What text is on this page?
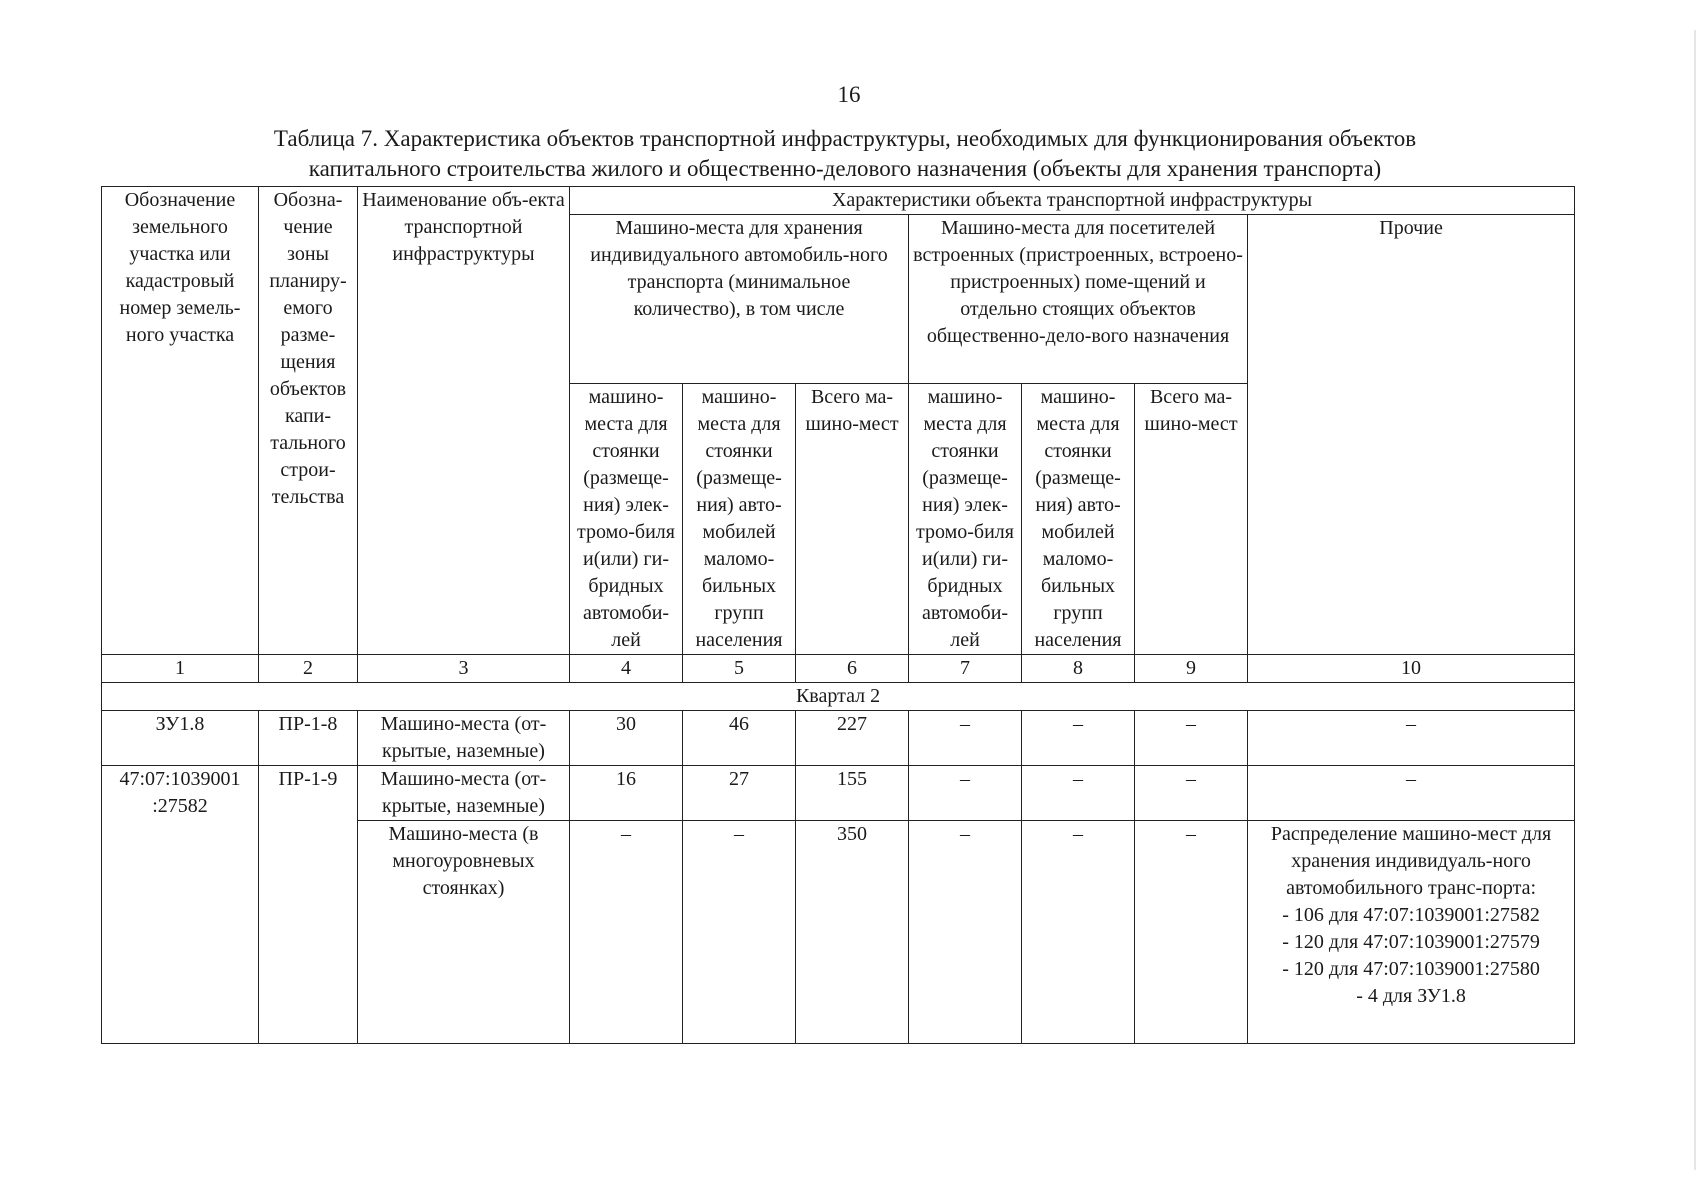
16
Таблица 7. Характеристика объектов транспортной инфраструктуры, необходимых для функционирования объектов
капитального строительства жилого и общественно-делового назначения (объекты для хранения транспорта)
Обозначение земельного участка или кадастровый номер земель-ного участка	Обозна-чение зоны планиру-емого разме-щения объектов капи-тального строи-тельства	Наименование объ-екта транспортной инфраструктуры	Характеристики объекта транспортной инфраструктуры						
			Машино-места для хранения индивидуального автомобиль-ного транспорта (минимальное количество), в том числе			Машино-места для посетителей встроенных (пристроенных, встроено-пристроенных) поме-щений и отдельно стоящих объектов общественно-дело-вого назначения			Прочие
			машино-места для стоянки (размеще-ния) элек-тромо-биля и(или) ги-бридных автомоби-лей	машино-места для стоянки (размеще-ния) авто-мобилей маломо-бильных групп населения	Всего ма-шино-мест	машино-места для стоянки (размеще-ния) элек-тромо-биля и(или) ги-бридных автомоби-лей	машино-места для стоянки (размеще-ния) авто-мобилей маломо-бильных групп населения	Всего ма-шино-мест	
1	2	3	4	5	6	7	8	9	10
Квартал 2									
ЗУ1.8	ПР-1-8	Машино-места (от-крытые, наземные)	30	46	227	–	–	–	–
47:07:1039001 :27582	ПР-1-9	Машино-места (от-крытые, наземные)	16	27	155	–	–	–	–
		Машино-места (в многоуровневых стоянках)	–	–	350	–	–	–	Распределение машино-мест для хранения индивидуаль-ного автомобильного транс-порта:
- 106 для 47:07:1039001:27582
- 120 для 47:07:1039001:27579
- 120 для 47:07:1039001:27580
- 4 для ЗУ1.8
